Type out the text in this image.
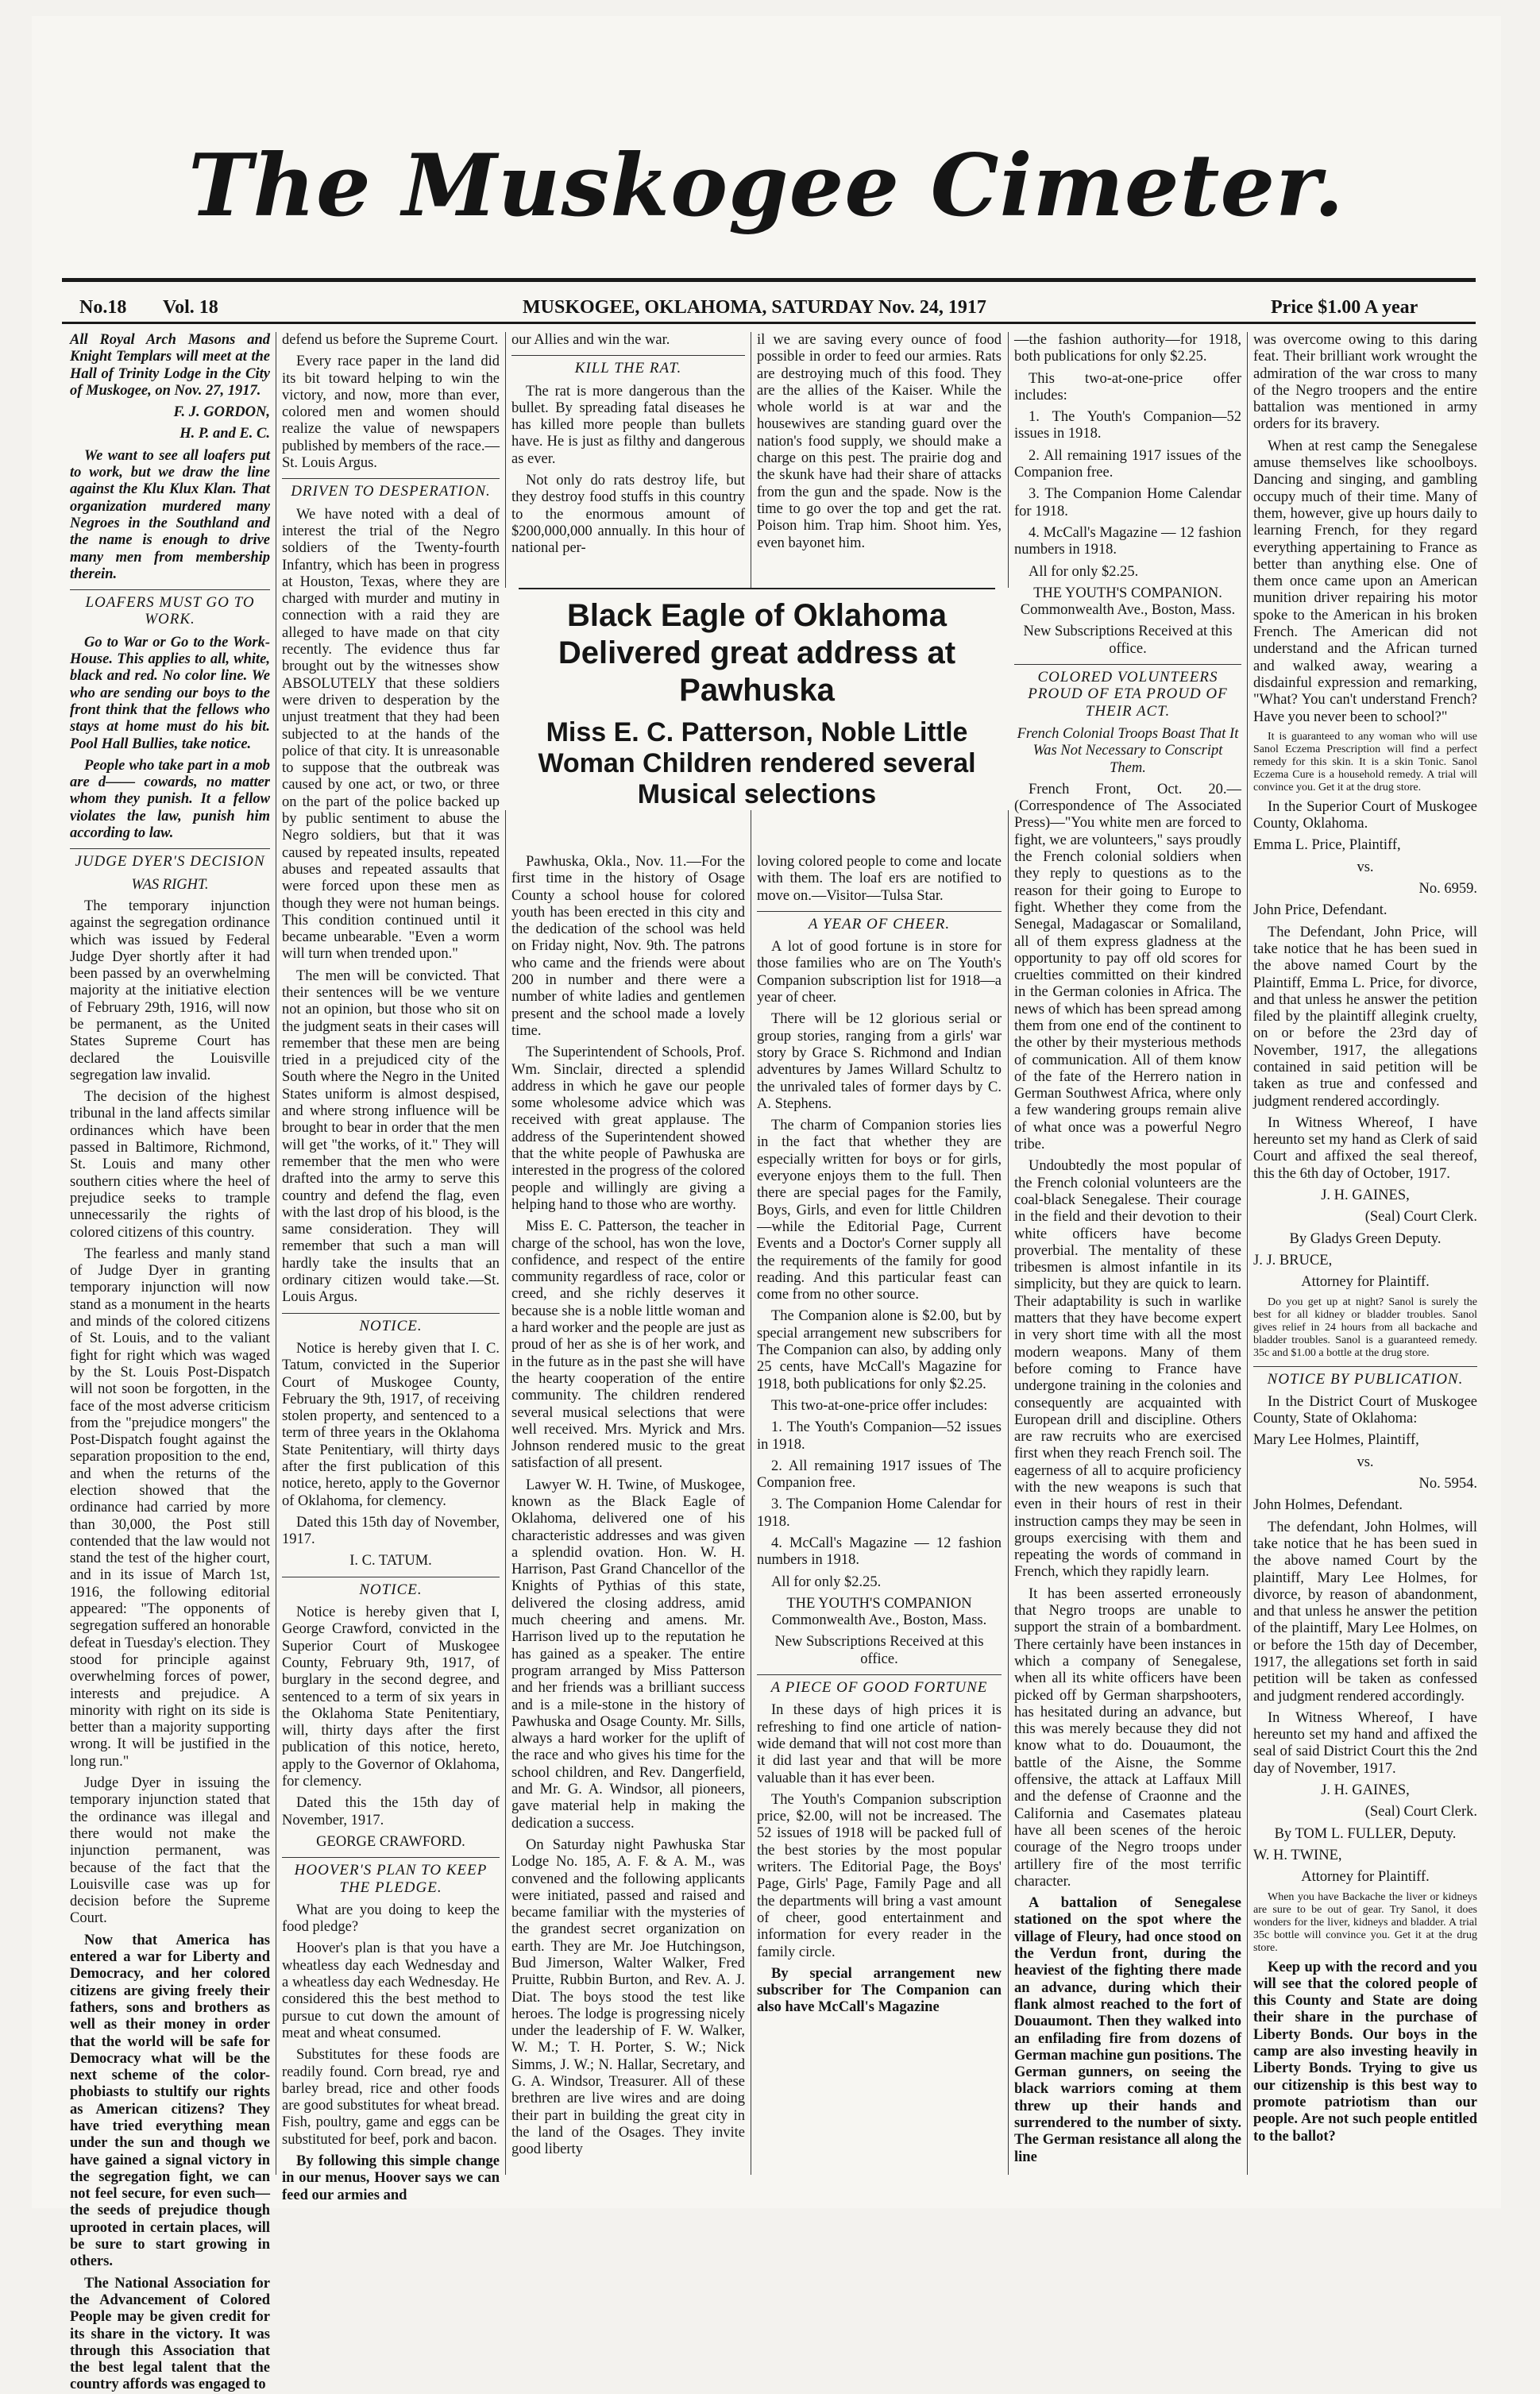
The Muskogee Cimeter.
No.18 Vol. 18	MUSKOGEE, OKLAHOMA, SATURDAY Nov. 24, 1917	Price $1.00 A year

All Royal Arch Masons and Knight Templars will meet at the Hall of Trinity Lodge in the City of Muskogee, on Nov. 27, 1917.

F. J. GORDON,

H. P. and E. C.

We want to see all loafers put to work, but we draw the line against the Klu Klux Klan. That organization murdered many Negroes in the Southland and the name is enough to drive many men from membership therein.

LOAFERS MUST GO TO WORK.

Go to War or Go to the Work-House. This applies to all, white, black and red. No color line. We who are sending our boys to the front think that the fellows who stays at home must do his bit. Pool Hall Bullies, take notice.

People who take part in a mob are d—— cowards, no matter whom they punish. It a fellow violates the law, punish him according to law.

JUDGE DYER'S DECISION

WAS RIGHT.

The temporary injunction against the segregation ordinance which was issued by Federal Judge Dyer shortly after it had been passed by an overwhelming majority at the initiative election of February 29th, 1916, will now be permanent, as the United States Supreme Court has declared the Louisville segregation law invalid.

The decision of the highest tribunal in the land affects similar ordinances which have been passed in Baltimore, Richmond, St. Louis and many other southern cities where the heel of prejudice seeks to trample unnecessarily the rights of colored citizens of this country.

The fearless and manly stand of Judge Dyer in granting temporary injunction will now stand as a monument in the hearts and minds of the colored citizens of St. Louis, and to the valiant fight for right which was waged by the St. Louis Post-Dispatch will not soon be forgotten, in the face of the most adverse criticism from the "prejudice mongers" the Post-Dispatch fought against the separation proposition to the end, and when the returns of the election showed that the ordinance had carried by more than 30,000, the Post still contended that the law would not stand the test of the higher court, and in its issue of March 1st, 1916, the following editorial appeared: "The opponents of segregation suffered an honorable defeat in Tuesday's election. They stood for principle against overwhelming forces of power, interests and prejudice. A minority with right on its side is better than a majority supporting wrong. It will be justified in the long run."

Judge Dyer in issuing the temporary injunction stated that the ordinance was illegal and there would not make the injunction permanent, was because of the fact that the Louisville case was up for decision before the Supreme Court.

Now that America has entered a war for Liberty and Democracy, and her colored citizens are giving freely their fathers, sons and brothers as well as their money in order that the world will be safe for Democracy what will be the next scheme of the color-phobiasts to stultify our rights as American citizens? They have tried everything mean under the sun and though we have gained a signal victory in the segregation fight, we can not feel secure, for even such—the seeds of prejudice though uprooted in certain places, will be sure to start growing in others.

The National Association for the Advancement of Colored People may be given credit for its share in the victory. It was through this Association that the best legal talent that the country affords was engaged to

defend us before the Supreme Court.

Every race paper in the land did its bit toward helping to win the victory, and now, more than ever, colored men and women should realize the value of newspapers published by members of the race.—St. Louis Argus.

DRIVEN TO DESPERATION.

We have noted with a deal of interest the trial of the Negro soldiers of the Twenty-fourth Infantry, which has been in progress at Houston, Texas, where they are charged with murder and mutiny in connection with a raid they are alleged to have made on that city recently. The evidence thus far brought out by the witnesses show ABSOLUTELY that these soldiers were driven to desperation by the unjust treatment that they had been subjected to at the hands of the police of that city. It is unreasonable to suppose that the outbreak was caused by one act, or two, or three on the part of the police backed up by public sentiment to abuse the Negro soldiers, but that it was caused by repeated insults, repeated abuses and repeated assaults that were forced upon these men as though they were not human beings. This condition continued until it became unbearable. "Even a worm will turn when trended upon."

The men will be convicted. That their sentences will be we venture not an opinion, but those who sit on the judgment seats in their cases will remember that these men are being tried in a prejudiced city of the South where the Negro in the United States uniform is almost despised, and where strong influence will be brought to bear in order that the men will get "the works, of it." They will remember that the men who were drafted into the army to serve this country and defend the flag, even with the last drop of his blood, is the same consideration. They will remember that such a man will hardly take the insults that an ordinary citizen would take.—St. Louis Argus.

NOTICE.

Notice is hereby given that I. C. Tatum, convicted in the Superior Court of Muskogee County, February the 9th, 1917, of receiving stolen property, and sentenced to a term of three years in the Oklahoma State Penitentiary, will thirty days after the first publication of this notice, hereto, apply to the Governor of Oklahoma, for clemency.

Dated this 15th day of November, 1917.

I. C. TATUM.

NOTICE.

Notice is hereby given that I, George Crawford, convicted in the Superior Court of Muskogee County, February 9th, 1917, of burglary in the second degree, and sentenced to a term of six years in the Oklahoma State Penitentiary, will, thirty days after the first publication of this notice, hereto, apply to the Governor of Oklahoma, for clemency.

Dated this the 15th day of November, 1917.

GEORGE CRAWFORD.

HOOVER'S PLAN TO KEEP THE PLEDGE.

What are you doing to keep the food pledge?

Hoover's plan is that you have a wheatless day each Wednesday and a wheatless day each Wednesday. He considered this the best method to pursue to cut down the amount of meat and wheat consumed.

Substitutes for these foods are readily found. Corn bread, rye and barley bread, rice and other foods are good substitutes for wheat bread. Fish, poultry, game and eggs can be substituted for beef, pork and bacon.

By following this simple change in our menus, Hoover says we can feed our armies and

our Allies and win the war.

KILL THE RAT.

The rat is more dangerous than the bullet. By spreading fatal diseases he has killed more people than bullets have. He is just as filthy and dangerous as ever.

Not only do rats destroy life, but they destroy food stuffs in this country to the enormous amount of $200,000,000 annually. In this hour of national per-

il we are saving every ounce of food possible in order to feed our armies. Rats are destroying much of this food. They are the allies of the Kaiser. While the whole world is at war and the housewives are standing guard over the nation's food supply, we should make a charge on this pest. The prairie dog and the skunk have had their share of attacks from the gun and the spade. Now is the time to go over the top and get the rat. Poison him. Trap him. Shoot him. Yes, even bayonet him.

Black Eagle of Oklahoma Delivered great address at Pawhuska
Miss E. C. Patterson, Noble Little Woman Children rendered several Musical selections

Pawhuska, Okla., Nov. 11.—For the first time in the history of Osage County a school house for colored youth has been erected in this city and the dedication of the school was held on Friday night, Nov. 9th. The patrons who came and the friends were about 200 in number and there were a number of white ladies and gentlemen present and the school made a lovely time.

The Superintendent of Schools, Prof. Wm. Sinclair, directed a splendid address in which he gave our people some wholesome advice which was received with great applause. The address of the Superintendent showed that the white people of Pawhuska are interested in the progress of the colored people and willingly are giving a helping hand to those who are worthy.

Miss E. C. Patterson, the teacher in charge of the school, has won the love, confidence, and respect of the entire community regardless of race, color or creed, and she richly deserves it because she is a noble little woman and a hard worker and the people are just as proud of her as she is of her work, and in the future as in the past she will have the hearty cooperation of the entire community. The children rendered several musical selections that were well received. Mrs. Myrick and Mrs. Johnson rendered music to the great satisfaction of all present.

Lawyer W. H. Twine, of Muskogee, known as the Black Eagle of Oklahoma, delivered one of his characteristic addresses and was given a splendid ovation. Hon. W. H. Harrison, Past Grand Chancellor of the Knights of Pythias of this state, delivered the closing address, amid much cheering and amens. Mr. Harrison lived up to the reputation he has gained as a speaker. The entire program arranged by Miss Patterson and her friends was a brilliant success and is a mile-stone in the history of Pawhuska and Osage County. Mr. Sills, always a hard worker for the uplift of the race and who gives his time for the school children, and Rev. Dangerfield, and Mr. G. A. Windsor, all pioneers, gave material help in making the dedication a success.

On Saturday night Pawhuska Star Lodge No. 185, A. F. & A. M., was convened and the following applicants were initiated, passed and raised and became familiar with the mysteries of the grandest secret organization on earth. They are Mr. Joe Hutchingson, Bud Jimerson, Walter Walker, Fred Pruitte, Rubbin Burton, and Rev. A. J. Diat. The boys stood the test like heroes. The lodge is progressing nicely under the leadership of F. W. Walker, W. M.; T. H. Porter, S. W.; Nick Simms, J. W.; N. Hallar, Secretary, and G. A. Windsor, Treasurer. All of these brethren are live wires and are doing their part in building the great city in the land of the Osages. They invite good liberty

loving colored people to come and locate with them. The loaf ers are notified to move on.—Visitor—Tulsa Star.

A YEAR OF CHEER.

A lot of good fortune is in store for those families who are on The Youth's Companion subscription list for 1918—a year of cheer.

There will be 12 glorious serial or group stories, ranging from a girls' war story by Grace S. Richmond and Indian adventures by James Willard Schultz to the unrivaled tales of former days by C. A. Stephens.

The charm of Companion stories lies in the fact that whether they are especially written for boys or for girls, everyone enjoys them to the full. Then there are special pages for the Family, Boys, Girls, and even for little Children—while the Editorial Page, Current Events and a Doctor's Corner supply all the requirements of the family for good reading. And this particular feast can come from no other source.

The Companion alone is $2.00, but by special arrangement new subscribers for The Companion can also, by adding only 25 cents, have McCall's Magazine for 1918, both publications for only $2.25.

This two-at-one-price offer includes:

1. The Youth's Companion—52 issues in 1918.

2. All remaining 1917 issues of The Companion free.

3. The Companion Home Calendar for 1918.

4. McCall's Magazine — 12 fashion numbers in 1918.

All for only $2.25.

THE YOUTH'S COMPANION Commonwealth Ave., Boston, Mass.

New Subscriptions Received at this office.

A PIECE OF GOOD FORTUNE

In these days of high prices it is refreshing to find one article of nation-wide demand that will not cost more than it did last year and that will be more valuable than it has ever been.

The Youth's Companion subscription price, $2.00, will not be increased. The 52 issues of 1918 will be packed full of the best stories by the most popular writers. The Editorial Page, the Boys' Page, Girls' Page, Family Page and all the departments will bring a vast amount of cheer, good entertainment and information for every reader in the family circle.

By special arrangement new subscriber for The Companion can also have McCall's Magazine

—the fashion authority—for 1918, both publications for only $2.25.

This two-at-one-price offer includes:

1. The Youth's Companion—52 issues in 1918.

2. All remaining 1917 issues of the Companion free.

3. The Companion Home Calendar for 1918.

4. McCall's Magazine — 12 fashion numbers in 1918.

All for only $2.25.

THE YOUTH'S COMPANION. Commonwealth Ave., Boston, Mass.

New Subscriptions Received at this office.

COLORED VOLUNTEERS PROUD OF ETA PROUD OF THEIR ACT.

French Colonial Troops Boast That It Was Not Necessary to Conscript Them.

French Front, Oct. 20.—(Correspondence of The Associated Press)—"You white men are forced to fight, we are volunteers," says proudly the French colonial soldiers when they reply to questions as to the reason for their going to Europe to fight. Whether they come from the Senegal, Madagascar or Somaliland, all of them express gladness at the opportunity to pay off old scores for cruelties committed on their kindred in the German colonies in Africa. The news of which has been spread among them from one end of the continent to the other by their mysterious methods of communication. All of them know of the fate of the Herrero nation in German Southwest Africa, where only a few wandering groups remain alive of what once was a powerful Negro tribe.

Undoubtedly the most popular of the French colonial volunteers are the coal-black Senegalese. Their courage in the field and their devotion to their white officers have become proverbial. The mentality of these tribesmen is almost infantile in its simplicity, but they are quick to learn. Their adaptability is such in warlike matters that they have become expert in very short time with all the most modern weapons. Many of them before coming to France have undergone training in the colonies and consequently are acquainted with European drill and discipline. Others are raw recruits who are exercised first when they reach French soil. The eagerness of all to acquire proficiency with the new weapons is such that even in their hours of rest in their instruction camps they may be seen in groups exercising with them and repeating the words of command in French, which they rapidly learn.

It has been asserted erroneously that Negro troops are unable to support the strain of a bombardment. There certainly have been instances in which a company of Senegalese, when all its white officers have been picked off by German sharpshooters, has hesitated during an advance, but this was merely because they did not know what to do. Douaumont, the battle of the Aisne, the Somme offensive, the attack at Laffaux Mill and the defense of Craonne and the California and Casemates plateau have all been scenes of the heroic courage of the Negro troops under artillery fire of the most terrific character.

A battalion of Senegalese stationed on the spot where the village of Fleury, had once stood on the Verdun front, during the heaviest of the fighting there made an advance, during which their flank almost reached to the fort of Douaumont. Then they walked into an enfilading fire from dozens of German machine gun positions. The German gunners, on seeing the black warriors coming at them threw up their hands and surrendered to the number of sixty. The German resistance all along the line

was overcome owing to this daring feat. Their brilliant work wrought the admiration of the war cross to many of the Negro troopers and the entire battalion was mentioned in army orders for its bravery.

When at rest camp the Senegalese amuse themselves like schoolboys. Dancing and singing, and gambling occupy much of their time. Many of them, however, give up hours daily to learning French, for they regard everything appertaining to France as better than anything else. One of them once came upon an American munition driver repairing his motor spoke to the American in his broken French. The American did not understand and the African turned and walked away, wearing a disdainful expression and remarking, "What? You can't understand French? Have you never been to school?"

It is guaranteed to any woman who will use Sanol Eczema Prescription will find a perfect remedy for this skin. It is a skin Tonic. Sanol Eczema Cure is a household remedy. A trial will convince you. Get it at the drug store.

In the Superior Court of Muskogee County, Oklahoma.

Emma L. Price, Plaintiff,

vs.

No. 6959.

John Price, Defendant.

The Defendant, John Price, will take notice that he has been sued in the above named Court by the Plaintiff, Emma L. Price, for divorce, and that unless he answer the petition filed by the plaintiff allegink cruelty, on or before the 23rd day of November, 1917, the allegations contained in said petition will be taken as true and confessed and judgment rendered accordingly.

In Witness Whereof, I have hereunto set my hand as Clerk of said Court and affixed the seal thereof, this the 6th day of October, 1917.

J. H. GAINES,

(Seal) Court Clerk.

By Gladys Green Deputy.

J. J. BRUCE,

Attorney for Plaintiff.

Do you get up at night? Sanol is surely the best for all kidney or bladder troubles. Sanol gives relief in 24 hours from all backache and bladder troubles. Sanol is a guaranteed remedy. 35c and $1.00 a bottle at the drug store.

NOTICE BY PUBLICATION.

In the District Court of Muskogee County, State of Oklahoma:

Mary Lee Holmes, Plaintiff,

vs.

No. 5954.

John Holmes, Defendant.

The defendant, John Holmes, will take notice that he has been sued in the above named Court by the plaintiff, Mary Lee Holmes, for divorce, by reason of abandonment, and that unless he answer the petition of the plaintiff, Mary Lee Holmes, on or before the 15th day of December, 1917, the allegations set forth in said petition will be taken as confessed and judgment rendered accordingly.

In Witness Whereof, I have hereunto set my hand and affixed the seal of said District Court this the 2nd day of November, 1917.

J. H. GAINES,

(Seal) Court Clerk.

By TOM L. FULLER, Deputy.

W. H. TWINE,

Attorney for Plaintiff.

When you have Backache the liver or kidneys are sure to be out of gear. Try Sanol, it does wonders for the liver, kidneys and bladder. A trial 35c bottle will convince you. Get it at the drug store.

Keep up with the record and you will see that the colored people of this County and State are doing their share in the purchase of Liberty Bonds. Our boys in the camp are also investing heavily in Liberty Bonds. Trying to give us our citizenship is this best way to promote patriotism than our people. Are not such people entitled to the ballot?
